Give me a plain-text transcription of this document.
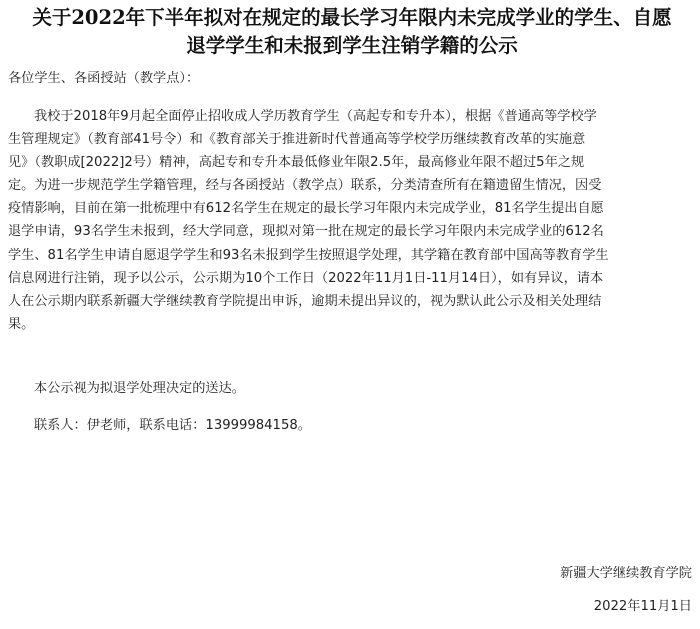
关于2022年下半年拟对在规定的最长学习年限内未完成学业的学生、自愿
退学学生和未报到学生注销学籍的公示
各位学生、各函授站（教学点）：
我校于2018年9月起全面停止招收成人学历教育学生（高起专和专升本），根据《普通高等学校学
生管理规定》（教育部41号令）和《教育部关于推进新时代普通高等学校学历继续教育改革的实施意
见》（教职成[2022]2号）精神，高起专和专升本最低修业年限2.5年，最高修业年限不超过5年之规
定。为进一步规范学生学籍管理，经与各函授站（教学点）联系，分类清查所有在籍遗留生情况，因受
疫情影响，目前在第一批梳理中有612名学生在规定的最长学习年限内未完成学业，81名学生提出自愿
退学申请，93名学生未报到，经大学同意，现拟对第一批在规定的最长学习年限内未完成学业的612名
学生、81名学生申请自愿退学学生和93名未报到学生按照退学处理，其学籍在教育部中国高等教育学生
信息网进行注销，现予以公示，公示期为10个工作日（2022年11月1日-11月14日），如有异议，请本
人在公示期内联系新疆大学继续教育学院提出申诉，逾期未提出异议的，视为默认此公示及相关处理结
果。
本公示视为拟退学处理决定的送达。
联系人：伊老师，联系电话：13999984158。
新疆大学继续教育学院
2022年11月1日
